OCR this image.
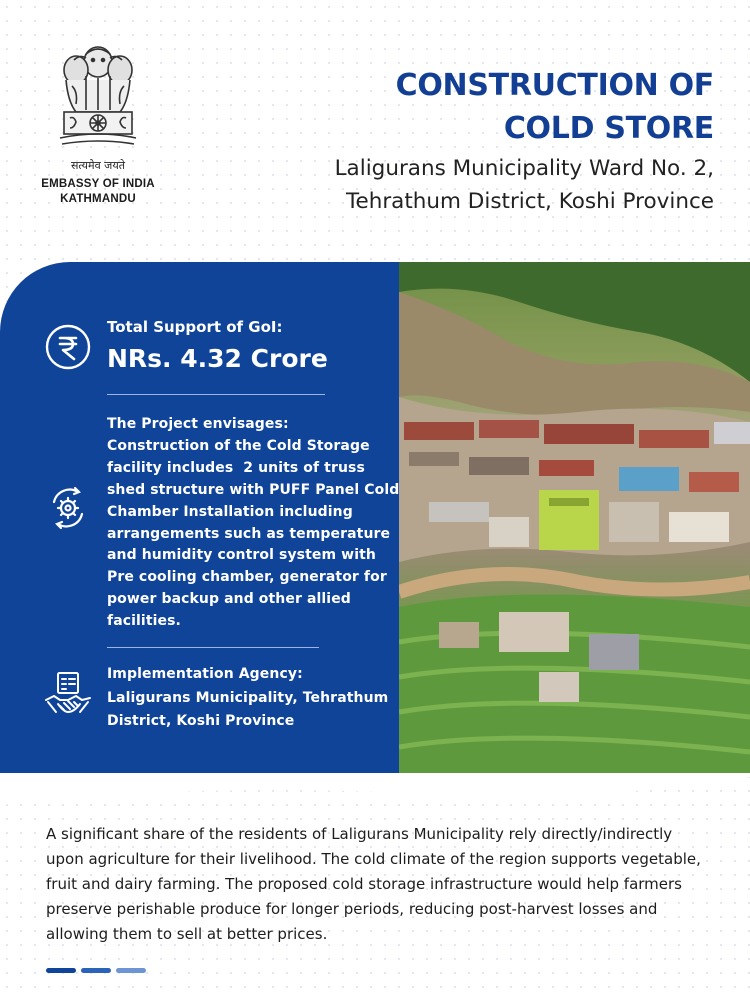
सत्यमेव जयते
EMBASSY OF INDIA
KATHMANDU
CONSTRUCTION OF
COLD STORE
Laligurans Municipality Ward No. 2,
Tehrathum District, Koshi Province
Total Support of GoI:
NRs. 4.32 Crore
The Project envisages:
Construction of the Cold Storage
facility includes  2 units of truss
shed structure with PUFF Panel Cold
Chamber Installation including
arrangements such as temperature
and humidity control system with
Pre cooling chamber, generator for
power backup and other allied
facilities.
Implementation Agency:
Laligurans Municipality, Tehrathum
District, Koshi Province
A significant share of the residents of Laligurans Municipality rely directly/indirectly
upon agriculture for their livelihood. The cold climate of the region supports vegetable,
fruit and dairy farming. The proposed cold storage infrastructure would help farmers
preserve perishable produce for longer periods, reducing post-harvest losses and
allowing them to sell at better prices.
